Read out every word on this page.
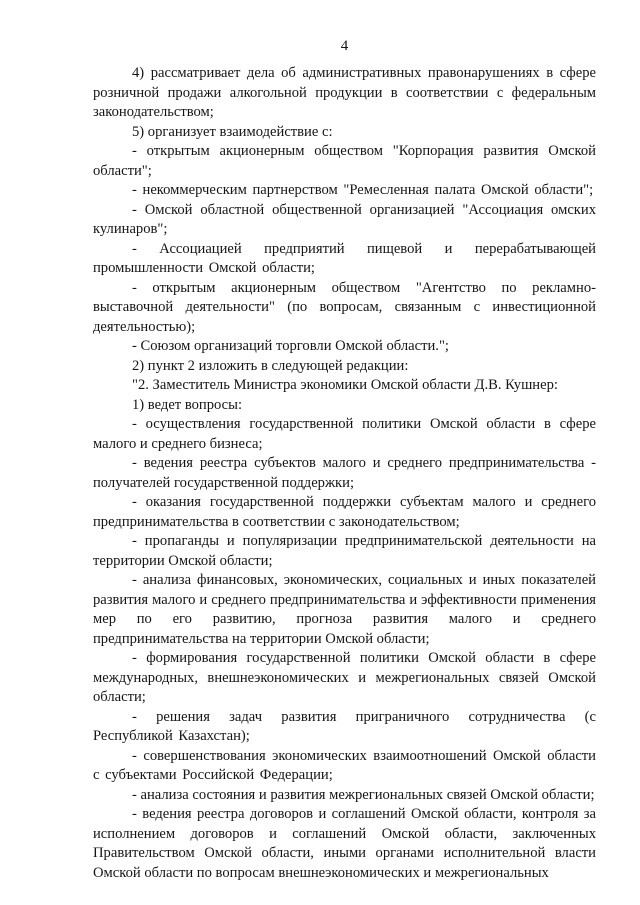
4

4) рассматривает дела об административных правонарушениях в сфере розничной продажи алкогольной продукции в соответствии с федеральным законодательством;

5) организует взаимодействие с:

- открытым акционерным обществом "Корпорация развития Омской области";

- некоммерческим партнерством "Ремесленная палата Омской области";

- Омской областной общественной организацией "Ассоциация омских кулинаров";

- Ассоциацией предприятий пищевой и перерабатывающей промышленности Омской области;

- открытым акционерным обществом "Агентство по рекламно-выставочной деятельности" (по вопросам, связанным с инвестиционной деятельностью);

- Союзом организаций торговли Омской области.";

2) пункт 2 изложить в следующей редакции:

"2. Заместитель Министра экономики Омской области Д.В. Кушнер:

1) ведет вопросы:

- осуществления государственной политики Омской области в сфере малого и среднего бизнеса;

- ведения реестра субъектов малого и среднего предпринимательства - получателей государственной поддержки;

- оказания государственной поддержки субъектам малого и среднего предпринимательства в соответствии с законодательством;

- пропаганды и популяризации предпринимательской деятельности на территории Омской области;

- анализа финансовых, экономических, социальных и иных показателей развития малого и среднего предпринимательства и эффективности применения мер по его развитию, прогноза развития малого и среднего предпринимательства на территории Омской области;

- формирования государственной политики Омской области в сфере международных, внешнеэкономических и межрегиональных связей Омской области;

- решения задач развития приграничного сотрудничества (с Республикой Казахстан);

- совершенствования экономических взаимоотношений Омской области с субъектами Российской Федерации;

- анализа состояния и развития межрегиональных связей Омской области;

- ведения реестра договоров и соглашений Омской области, контроля за исполнением договоров и соглашений Омской области, заключенных Правительством Омской области, иными органами исполнительной власти Омской области по вопросам внешнеэкономических и межрегиональных
